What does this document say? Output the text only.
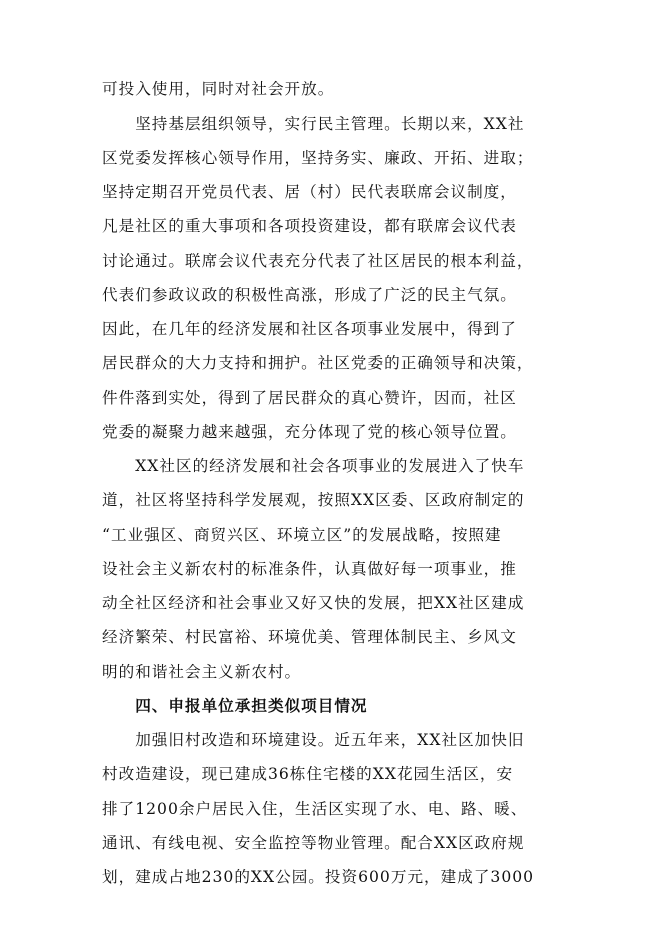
可投入使用，同时对社会开放。
　　坚持基层组织领导，实行民主管理。长期以来，XX社
区党委发挥核心领导作用，坚持务实、廉政、开拓、进取；
坚持定期召开党员代表、居（村）民代表联席会议制度，
凡是社区的重大事项和各项投资建设，都有联席会议代表
讨论通过。联席会议代表充分代表了社区居民的根本利益，
代表们参政议政的积极性高涨，形成了广泛的民主气氛。
因此，在几年的经济发展和社区各项事业发展中，得到了
居民群众的大力支持和拥护。社区党委的正确领导和决策，
件件落到实处，得到了居民群众的真心赞许，因而，社区
党委的凝聚力越来越强，充分体现了党的核心领导位置。
　　XX社区的经济发展和社会各项事业的发展进入了快车
道，社区将坚持科学发展观，按照XX区委、区政府制定的
“工业强区、商贸兴区、环境立区”的发展战略，按照建
设社会主义新农村的标准条件，认真做好每一项事业，推
动全社区经济和社会事业又好又快的发展，把XX社区建成
经济繁荣、村民富裕、环境优美、管理体制民主、乡风文
明的和谐社会主义新农村。
　　四、申报单位承担类似项目情况
　　加强旧村改造和环境建设。近五年来，XX社区加快旧
村改造建设，现已建成36栋住宅楼的XX花园生活区，安
排了1200余户居民入住，生活区实现了水、电、路、暖、
通讯、有线电视、安全监控等物业管理。配合XX区政府规
划，建成占地230的XX公园。投资600万元，建成了3000
